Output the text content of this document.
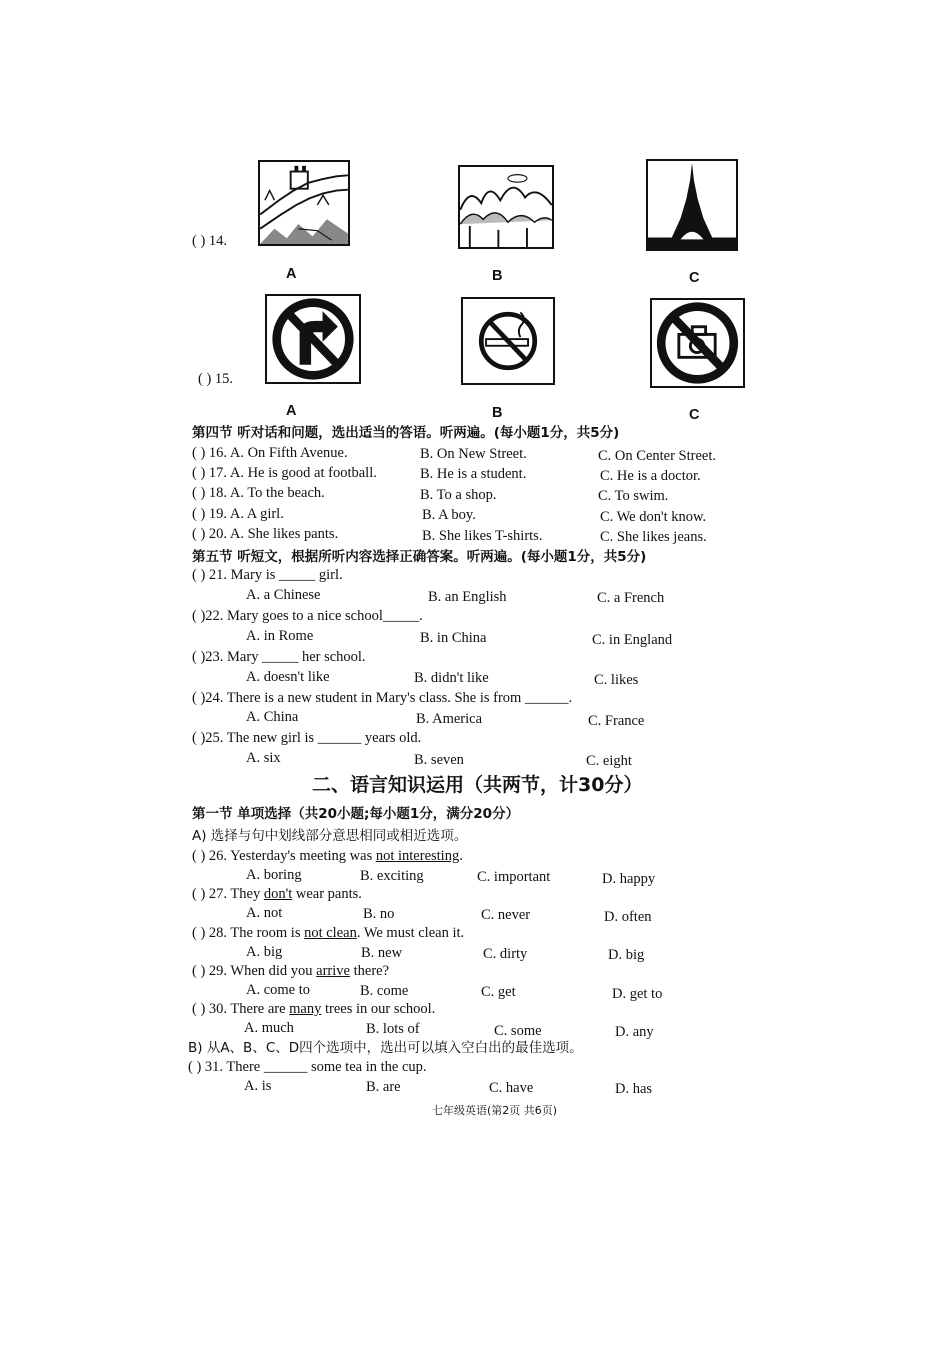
( ) 14.
A	B	C
( ) 15.
A	B	C
第四节 听对话和问题，选出适当的答语。听两遍。(每小题1分，共5分)
( ) 16. A. On Fifth Avenue.	B. On New Street.	C. On Center Street.
( ) 17. A. He is good at football.	B. He is a student.	C. He is a doctor.
( ) 18. A. To the beach.	B. To a shop.	C. To swim.
( ) 19. A. A girl.	B. A boy.	C. We don't know.
( ) 20. A. She likes pants.	B. She likes T-shirts.	C. She likes jeans.
第五节 听短文，根据所听内容选择正确答案。听两遍。(每小题1分，共5分)
( ) 21. Mary is _____ girl.
A. a Chinese	B. an English	C. a French
( )22. Mary goes to a nice school_____.
A. in Rome	B. in China	C. in England
( )23. Mary _____ her school.
A. doesn't like	B. didn't like	C. likes
( )24. There is a new student in Mary's class. She is from ______.
A. China	B. America	C. France
( )25. The new girl is ______ years old.
A. six	B. seven	C. eight
二、语言知识运用（共两节，计30分）
第一节 单项选择（共20小题;每小题1分，满分20分）
A) 选择与句中划线部分意思相同或相近选项。
( ) 26. Yesterday's meeting was not interesting.
A. boring	B. exciting	C. important	D. happy
( ) 27. They don't wear pants.
A. not	B. no	C. never	D. often
( ) 28. The room is not clean. We must clean it.
A. big	B. new	C. dirty	D. big
( ) 29. When did you arrive there?
A. come to	B. come	C. get	D. get to
( ) 30. There are many trees in our school.
A. much	B. lots of	C. some	D. any
B) 从A、B、C、D四个选项中，选出可以填入空白出的最佳选项。
( ) 31. There ______ some tea in the cup.
A. is	B. are	C. have	D. has
七年级英语(第2页 共6页)
